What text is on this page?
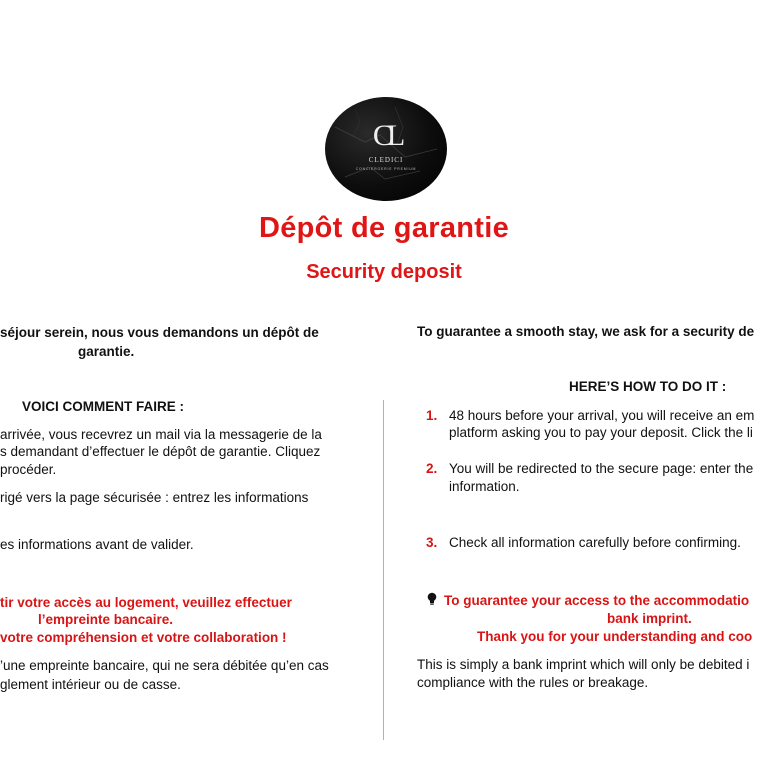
CL
CLEDICI
CONCIERGERIE PREMIUM
Dépôt de garantie
Security deposit
séjour serein, nous vous demandons un dépôt de
garantie.
VOICI COMMENT FAIRE :
arrivée, vous recevrez un mail via la messagerie de la
s demandant d’effectuer le dépôt de garantie. Cliquez
procéder.
rigé vers la page sécurisée : entrez les informations
es informations avant de valider.
tir votre accès au logement, veuillez effectuer
l’empreinte bancaire.
votre compréhension et votre collaboration !
’une empreinte bancaire, qui ne sera débitée qu’en cas
glement intérieur ou de casse.
To guarantee a smooth stay, we ask for a security de
HERE’S HOW TO DO IT :
1. 48 hours before your arrival, you will receive an em
platform asking you to pay your deposit. Click the li
2. You will be redirected to the secure page: enter the
information.
3. Check all information carefully before confirming.
To guarantee your access to the accommodatio
bank imprint.
Thank you for your understanding and coo
This is simply a bank imprint which will only be debited i
compliance with the rules or breakage.
